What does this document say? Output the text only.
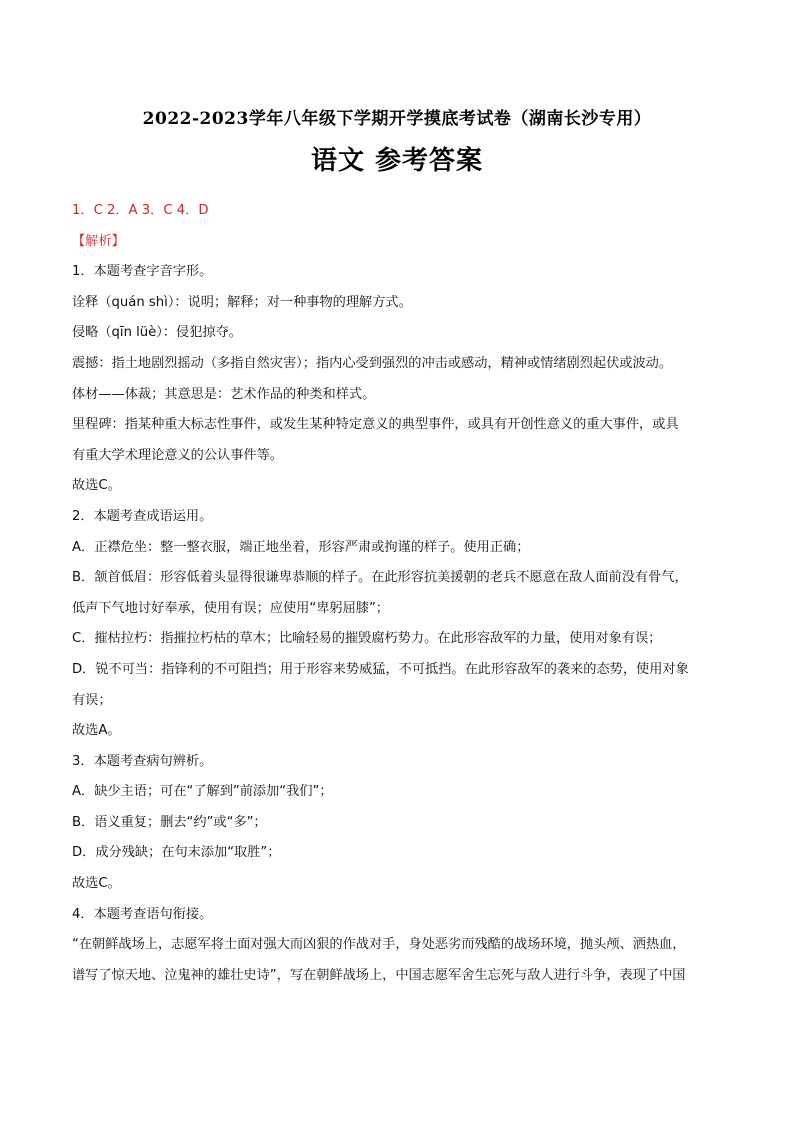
2022-2023学年八年级下学期开学摸底考试卷（湖南长沙专用）
语文 参考答案
1．C 2．A 3．C 4．D
【解析】
1．本题考查字音字形。
诠释（quán shì）：说明；解释；对一种事物的理解方式。
侵略（qīn lüè）：侵犯掠夺。
震撼：指土地剧烈摇动（多指自然灾害）；指内心受到强烈的冲击或感动，精神或情绪剧烈起伏或波动。
体材——体裁；其意思是：艺术作品的种类和样式。
里程碑：指某种重大标志性事件，或发生某种特定意义的典型事件，或具有开创性意义的重大事件，或具
有重大学术理论意义的公认事件等。
故选C。
2．本题考查成语运用。
A．正襟危坐：整一整衣服，端正地坐着，形容严肃或拘谨的样子。使用正确；
B．颔首低眉：形容低着头显得很谦卑恭顺的样子。在此形容抗美援朝的老兵不愿意在敌人面前没有骨气，
低声下气地讨好奉承，使用有误；应使用“卑躬屈膝”；
C．摧枯拉朽：指摧拉朽枯的草木；比喻轻易的摧毁腐朽势力。在此形容敌军的力量，使用对象有误；
D．锐不可当：指锋利的不可阻挡；用于形容来势威猛，不可抵挡。在此形容敌军的袭来的态势，使用对象
有误；
故选A。
3．本题考查病句辨析。
A．缺少主语；可在“了解到”前添加“我们”；
B．语义重复；删去“约”或“多”；
D．成分残缺；在句末添加“取胜”；
故选C。
4．本题考查语句衔接。
“在朝鲜战场上，志愿军将士面对强大而凶狠的作战对手，身处恶劣而残酷的战场环境，抛头颅、洒热血，
谱写了惊天地、泣鬼神的雄壮史诗”，写在朝鲜战场上，中国志愿军舍生忘死与敌人进行斗争，表现了中国
